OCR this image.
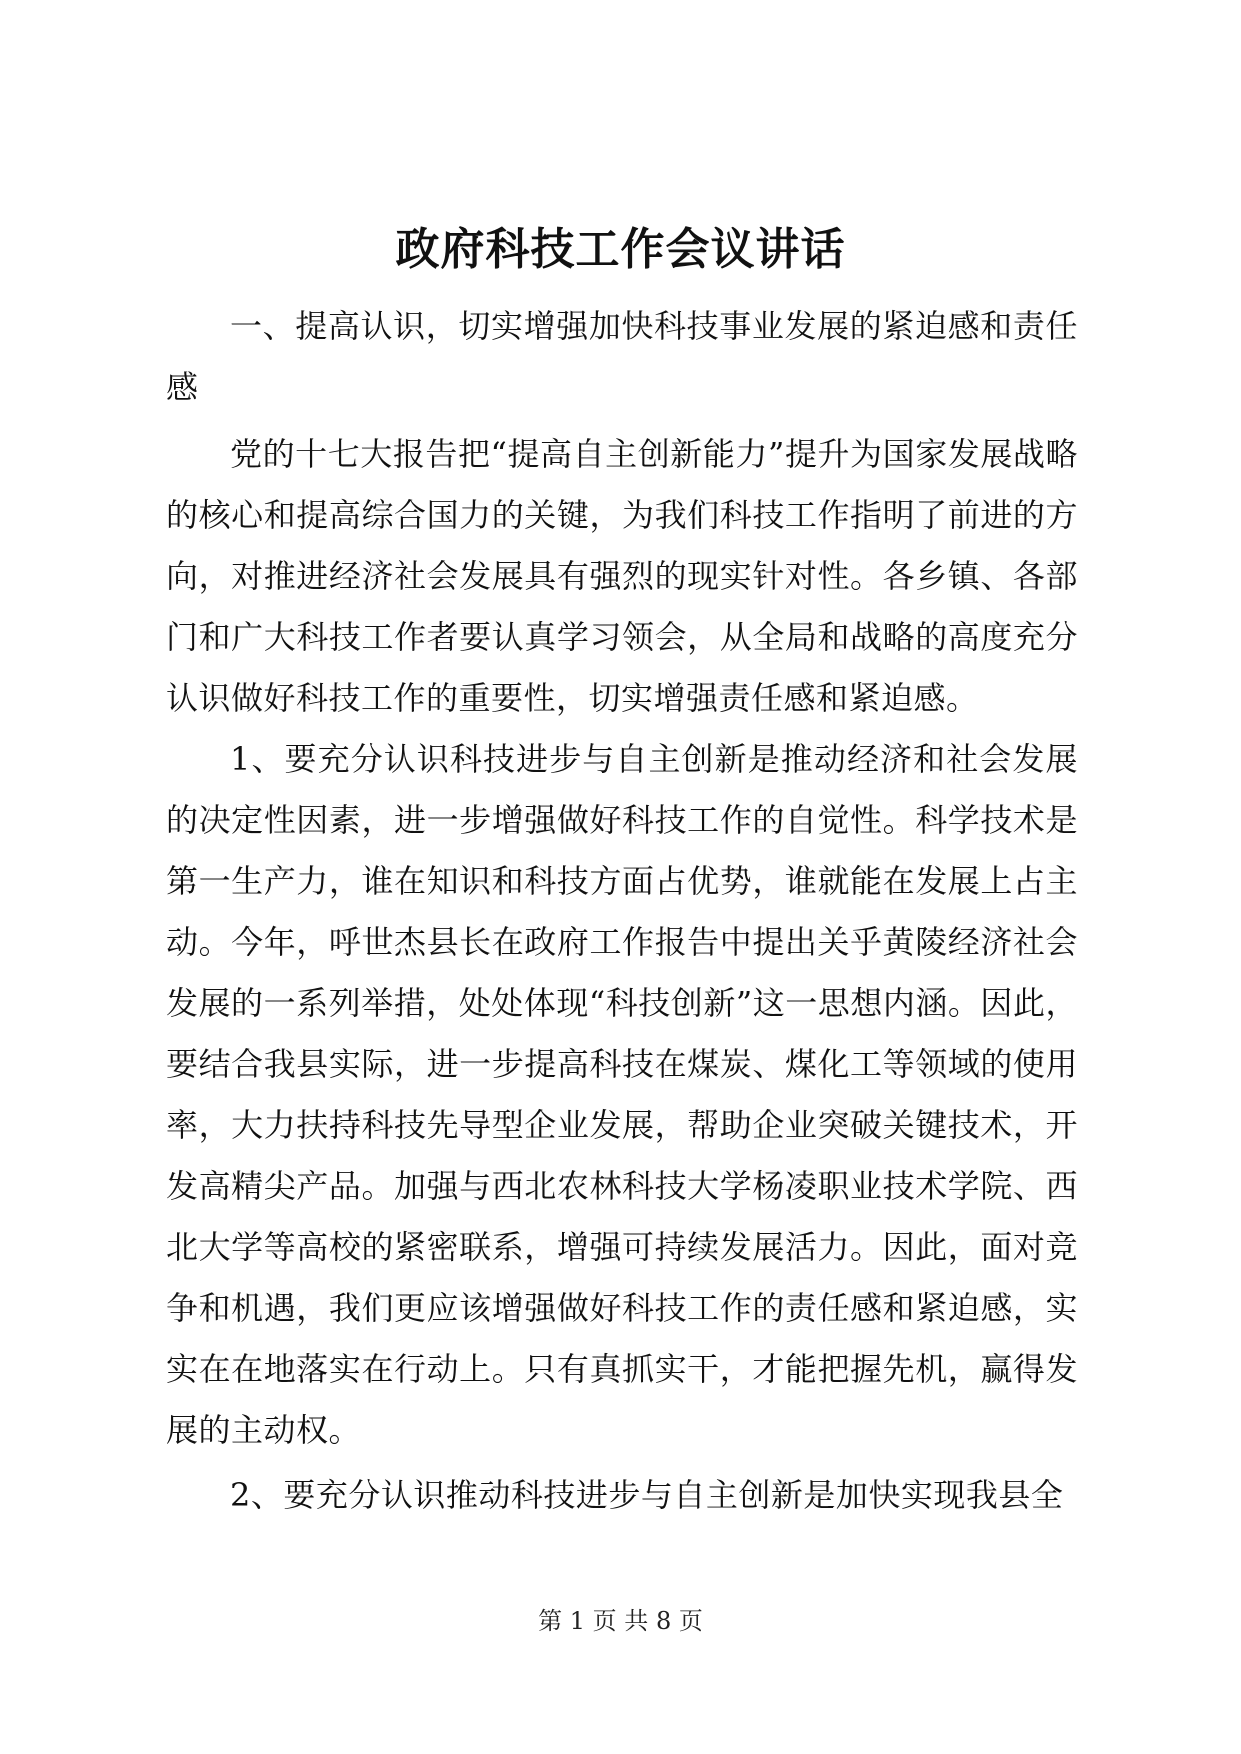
政府科技工作会议讲话

一、提高认识，切实增强加快科技事业发展的紧迫感和责任感

党的十七大报告把“提高自主创新能力”提升为国家发展战略的核心和提高综合国力的关键，为我们科技工作指明了前进的方向，对推进经济社会发展具有强烈的现实针对性。各乡镇、各部门和广大科技工作者要认真学习领会，从全局和战略的高度充分认识做好科技工作的重要性，切实增强责任感和紧迫感。

1、要充分认识科技进步与自主创新是推动经济和社会发展的决定性因素，进一步增强做好科技工作的自觉性。科学技术是第一生产力，谁在知识和科技方面占优势，谁就能在发展上占主动。今年，呼世杰县长在政府工作报告中提出关乎黄陵经济社会发展的一系列举措，处处体现“科技创新”这一思想内涵。因此，要结合我县实际，进一步提高科技在煤炭、煤化工等领域的使用率，大力扶持科技先导型企业发展，帮助企业突破关键技术，开发高精尖产品。加强与西北农林科技大学杨凌职业技术学院、西北大学等高校的紧密联系，增强可持续发展活力。因此，面对竞争和机遇，我们更应该增强做好科技工作的责任感和紧迫感，实实在在地落实在行动上。只有真抓实干，才能把握先机，赢得发展的主动权。

2、要充分认识推动科技进步与自主创新是加快实现我县全

第 1 页 共 8 页
